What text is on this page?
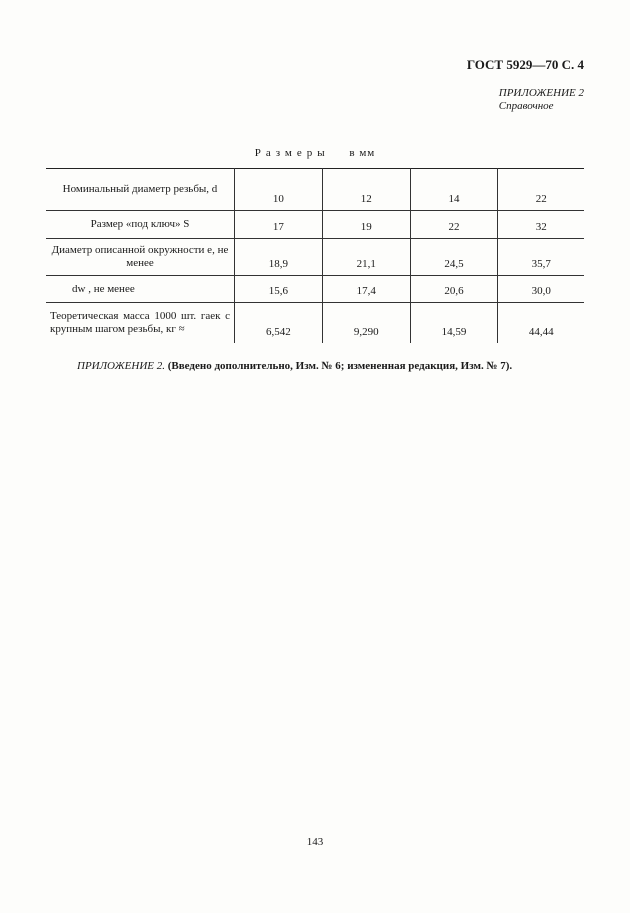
ГОСТ 5929—70 С. 4
ПРИЛОЖЕНИЕ 2
Справочное
Размеры в мм
Номинальный диаметр резьбы, d	10	12	14	22
Размер «под ключ» S	17	19	22	32
Диаметр описанной окружности e, не менее	18,9	21,1	24,5	35,7
dw , не менее	15,6	17,4	20,6	30,0
Теоретическая масса 1000 шт. гаек с крупным шагом резьбы, кг ≈	6,542	9,290	14,59	44,44
ПРИЛОЖЕНИЕ 2. (Введено дополнительно, Изм. № 6; измененная редакция, Изм. № 7).
143
